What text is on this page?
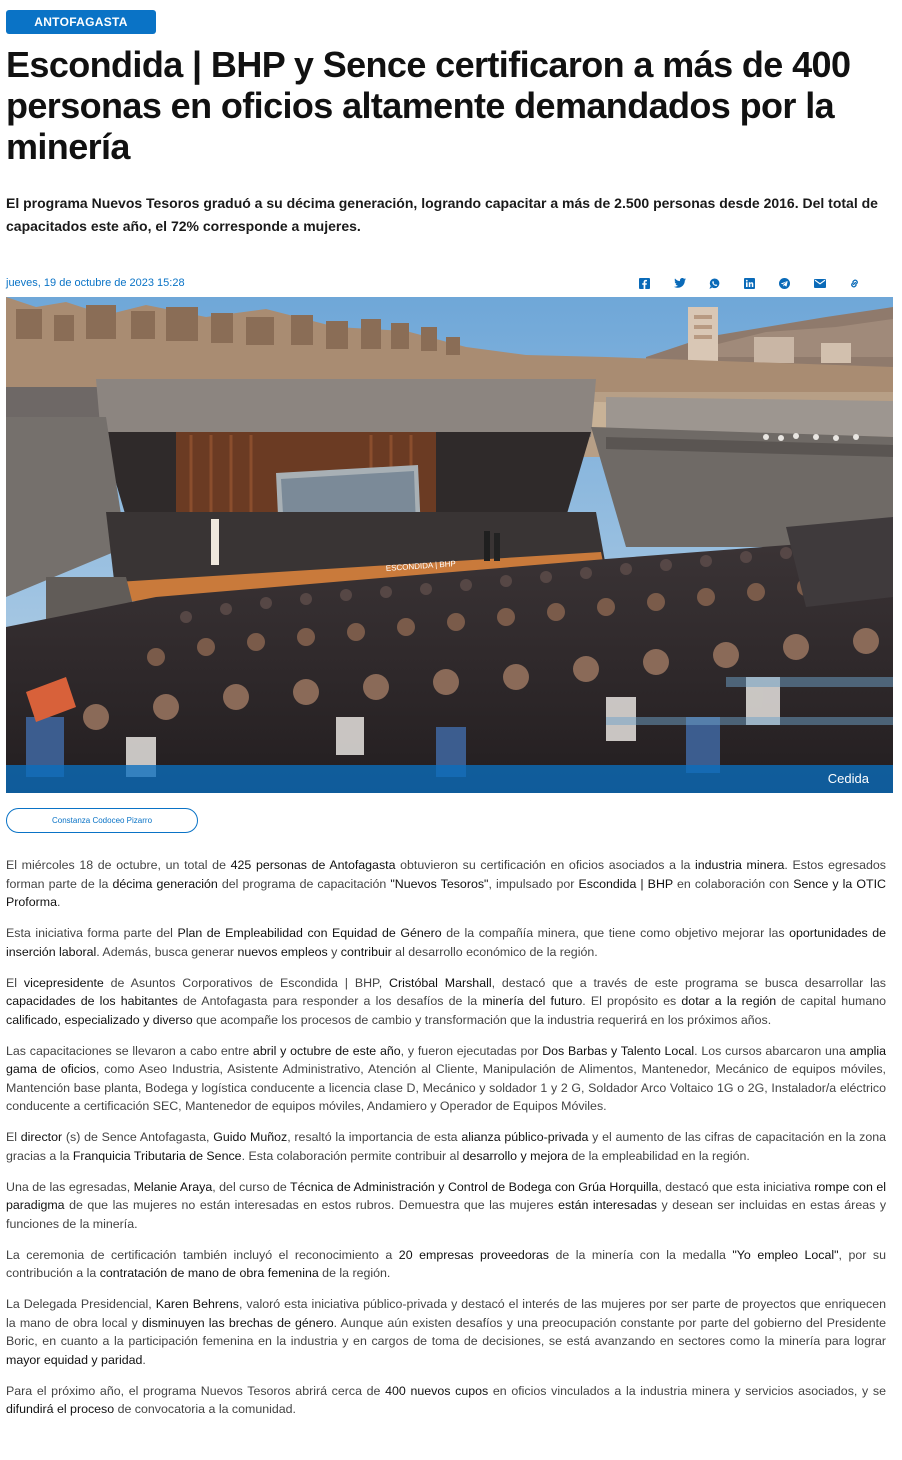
ANTOFAGASTA
Escondida | BHP y Sence certificaron a más de 400 personas en oficios altamente demandados por la minería

El programa Nuevos Tesoros graduó a su décima generación, logrando capacitar a más de 2.500 personas desde 2016. Del total de capacitados este año, el 72% corresponde a mujeres.

jueves, 19 de octubre de 2023 15:28
ESCONDIDA | BHP
Cedida
Constanza Codoceo Pizarro

El miércoles 18 de octubre, un total de 425 personas de Antofagasta obtuvieron su certificación en oficios asociados a la industria minera. Estos egresados forman parte de la décima generación del programa de capacitación "Nuevos Tesoros", impulsado por Escondida | BHP en colaboración con Sence y la OTIC Proforma.

Esta iniciativa forma parte del Plan de Empleabilidad con Equidad de Género de la compañía minera, que tiene como objetivo mejorar las oportunidades de inserción laboral. Además, busca generar nuevos empleos y contribuir al desarrollo económico de la región.

El vicepresidente de Asuntos Corporativos de Escondida | BHP, Cristóbal Marshall, destacó que a través de este programa se busca desarrollar las capacidades de los habitantes de Antofagasta para responder a los desafíos de la minería del futuro. El propósito es dotar a la región de capital humano calificado, especializado y diverso que acompañe los procesos de cambio y transformación que la industria requerirá en los próximos años.

Las capacitaciones se llevaron a cabo entre abril y octubre de este año, y fueron ejecutadas por Dos Barbas y Talento Local. Los cursos abarcaron una amplia gama de oficios, como Aseo Industria, Asistente Administrativo, Atención al Cliente, Manipulación de Alimentos, Mantenedor, Mecánico de equipos móviles, Mantención base planta, Bodega y logística conducente a licencia clase D, Mecánico y soldador 1 y 2 G, Soldador Arco Voltaico 1G o 2G, Instalador/a eléctrico conducente a certificación SEC, Mantenedor de equipos móviles, Andamiero y Operador de Equipos Móviles.

El director (s) de Sence Antofagasta, Guido Muñoz, resaltó la importancia de esta alianza público-privada y el aumento de las cifras de capacitación en la zona gracias a la Franquicia Tributaria de Sence. Esta colaboración permite contribuir al desarrollo y mejora de la empleabilidad en la región.

Una de las egresadas, Melanie Araya, del curso de Técnica de Administración y Control de Bodega con Grúa Horquilla, destacó que esta iniciativa rompe con el paradigma de que las mujeres no están interesadas en estos rubros. Demuestra que las mujeres están interesadas y desean ser incluidas en estas áreas y funciones de la minería.

La ceremonia de certificación también incluyó el reconocimiento a 20 empresas proveedoras de la minería con la medalla "Yo empleo Local", por su contribución a la contratación de mano de obra femenina de la región.

La Delegada Presidencial, Karen Behrens, valoró esta iniciativa público-privada y destacó el interés de las mujeres por ser parte de proyectos que enriquecen la mano de obra local y disminuyen las brechas de género. Aunque aún existen desafíos y una preocupación constante por parte del gobierno del Presidente Boric, en cuanto a la participación femenina en la industria y en cargos de toma de decisiones, se está avanzando en sectores como la minería para lograr mayor equidad y paridad.

Para el próximo año, el programa Nuevos Tesoros abrirá cerca de 400 nuevos cupos en oficios vinculados a la industria minera y servicios asociados, y se difundirá el proceso de convocatoria a la comunidad.
